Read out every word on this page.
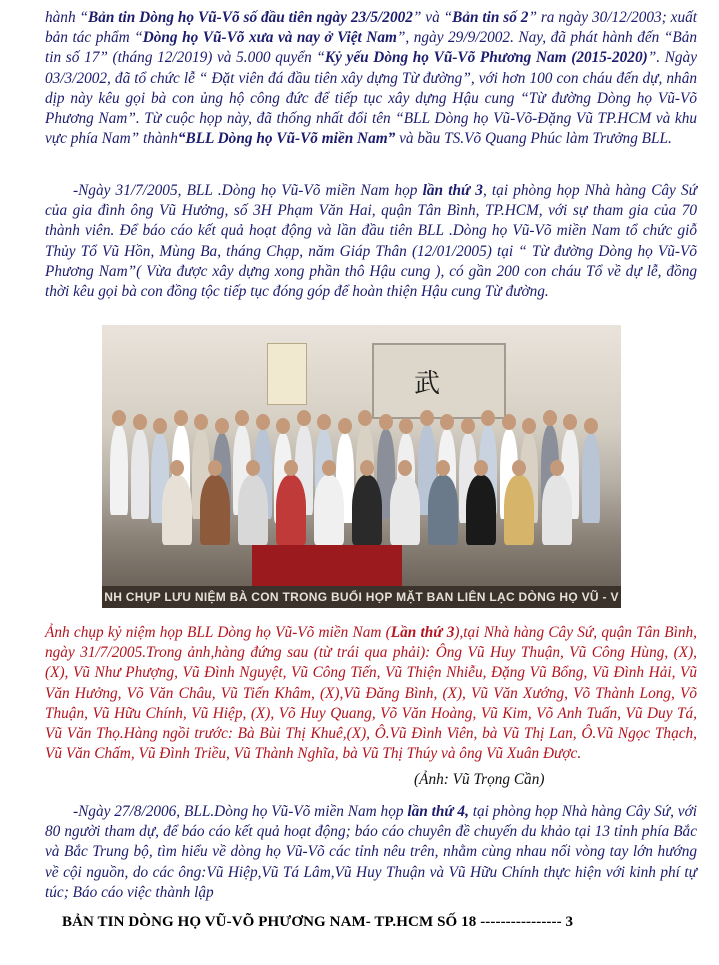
hành “Bản tin Dòng họ Vũ-Võ số đầu tiên ngày 23/5/2002” và “Bản tin số 2” ra ngày 30/12/2003; xuất bản tác phẩm “Dòng họ Vũ-Võ xưa và nay ở Việt Nam”, ngày 29/9/2002. Nay, đã phát hành đến “Bản tin số 17” (tháng 12/2019) và 5.000 quyển “Kỷ yếu Dòng họ Vũ-Võ Phương Nam (2015-2020)”. Ngày 03/3/2002, đã tổ chức lễ “ Đặt viên đá đầu tiên xây dựng Từ đường”, với hơn 100 con cháu đến dự, nhân dịp này kêu gọi bà con ủng hộ công đức để tiếp tục xây dựng Hậu cung “Từ đường Dòng họ Vũ-Võ Phương Nam”. Từ cuộc họp này, đã thống nhất đổi tên “BLL Dòng họ Vũ-Võ-Đặng Vũ TP.HCM và khu vực phía Nam” thành“BLL Dòng họ Vũ-Võ miền Nam” và bầu TS.Võ Quang Phúc làm Trưởng BLL.

-Ngày 31/7/2005, BLL .Dòng họ Vũ-Võ miền Nam họp lần thứ 3, tại phòng họp Nhà hàng Cây Sứ của gia đình ông Vũ Hưởng, số 3H Phạm Văn Hai, quận Tân Bình, TP.HCM, với sự tham gia của 70 thành viên. Để báo cáo kết quả hoạt động và lần đầu tiên BLL .Dòng họ Vũ-Võ miền Nam tổ chức giỗ Thủy Tổ Vũ Hồn, Mùng Ba, tháng Chạp, năm Giáp Thân (12/01/2005) tại “ Từ đường Dòng họ Vũ-Võ Phương Nam”( Vừa được xây dựng xong phần thô Hậu cung ), có gần 200 con cháu Tổ về dự lễ, đồng thời kêu gọi bà con đồng tộc tiếp tục đóng góp để hoàn thiện Hậu cung Từ đường.

武
NH CHỤP LƯU NIỆM BÀ CON TRONG BUỔI HỌP MẶT BAN LIÊN LẠC DÒNG HỌ VŨ - V

Ảnh chụp kỷ niệm họp BLL Dòng họ Vũ-Võ miền Nam (Lần thứ 3),tại Nhà hàng Cây Sứ, quận Tân Bình, ngày 31/7/2005.Trong ảnh,hàng đứng sau (từ trái qua phải): Ông Vũ Huy Thuận, Vũ Công Hùng, (X), (X), Vũ Như Phượng, Vũ Đình Nguyệt, Vũ Công Tiến, Vũ Thiện Nhiễu, Đặng Vũ Bổng, Vũ Đình Hải, Vũ Văn Hưởng, Võ Văn Châu, Vũ Tiến Khâm, (X),Vũ Đăng Bình, (X), Vũ Văn Xướng, Võ Thành Long, Võ Thuận, Vũ Hữu Chính, Vũ Hiệp, (X), Võ Huy Quang, Võ Văn Hoàng, Vũ Kim, Võ Anh Tuấn, Vũ Duy Tá, Vũ Văn Thọ.Hàng ngồi trước: Bà Bùi Thị Khuê,(X), Ô.Vũ Đình Viên, bà Vũ Thị Lan, Ô.Vũ Ngọc Thạch, Vũ Văn Chấm, Vũ Đình Triều, Vũ Thành Nghĩa, bà Vũ Thị Thúy và ông Vũ Xuân Được.

(Ảnh: Vũ Trọng Cần)

-Ngày 27/8/2006, BLL.Dòng họ Vũ-Võ miền Nam họp lần thứ 4, tại phòng họp Nhà hàng Cây Sứ, với 80 người tham dự, để báo cáo kết quả hoạt động; báo cáo chuyên đề chuyến du khảo tại 13 tỉnh phía Bắc và Bắc Trung bộ, tìm hiểu về dòng họ Vũ-Võ các tỉnh nêu trên, nhằm cùng nhau nối vòng tay lớn hướng về cội nguồn, do các ông:Vũ Hiệp,Vũ Tá Lâm,Vũ Huy Thuận và Vũ Hữu Chính thực hiện với kinh phí tự túc; Báo cáo việc thành lập

BẢN TIN DÒNG HỌ VŨ-VÕ PHƯƠNG NAM- TP.HCM SỐ 18 ---------------- 3
